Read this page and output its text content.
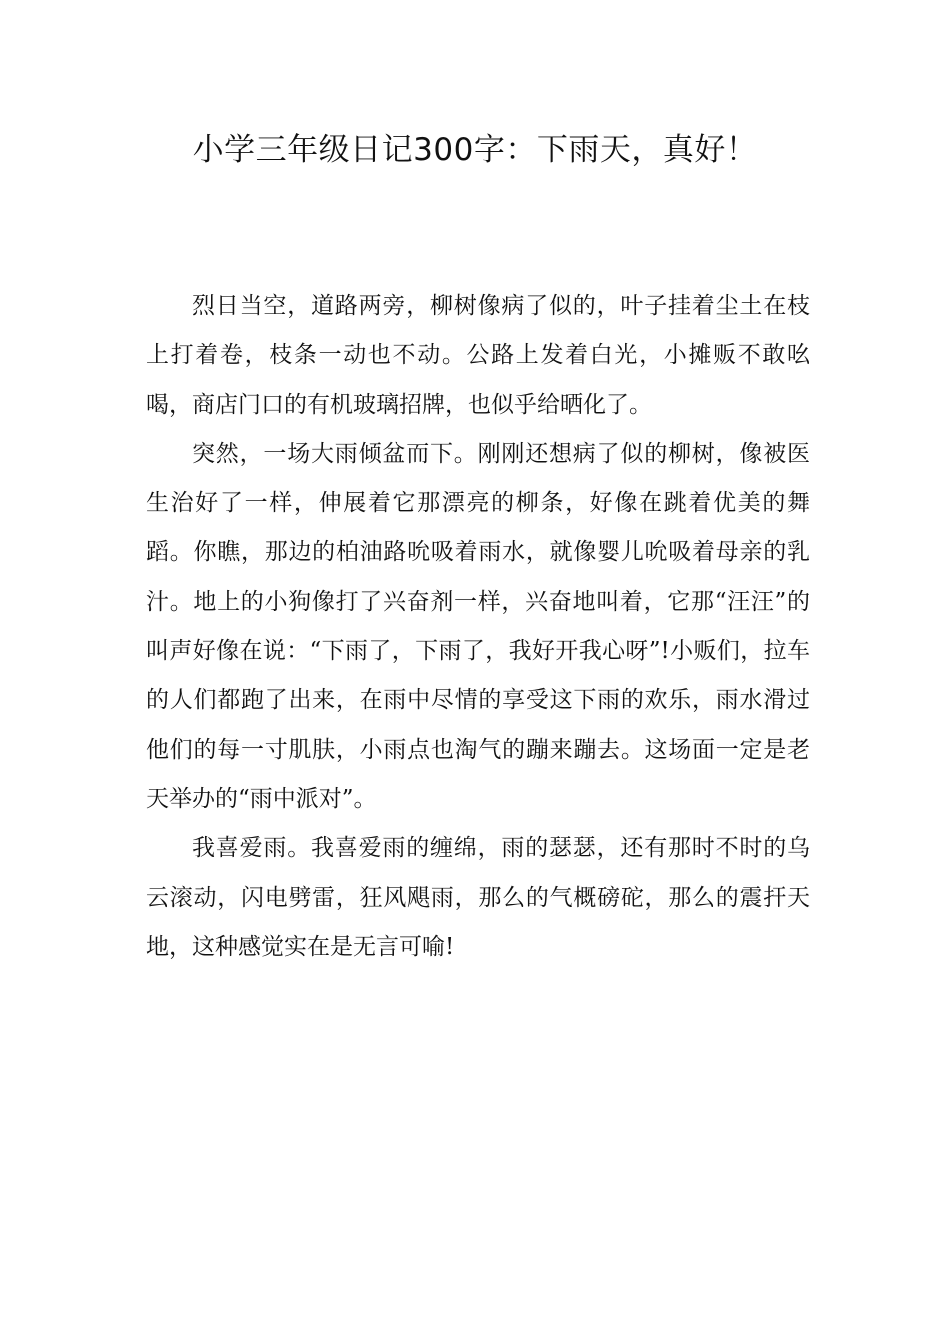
小学三年级日记300字：下雨天，真好！

烈日当空，道路两旁，柳树像病了似的，叶子挂着尘土在枝上打着卷，枝条一动也不动。公路上发着白光，小摊贩不敢吆喝，商店门口的有机玻璃招牌，也似乎给晒化了。

突然，一场大雨倾盆而下。刚刚还想病了似的柳树，像被医生治好了一样，伸展着它那漂亮的柳条，好像在跳着优美的舞蹈。你瞧，那边的柏油路吮吸着雨水，就像婴儿吮吸着母亲的乳汁。地上的小狗像打了兴奋剂一样，兴奋地叫着，它那“汪汪”的叫声好像在说：“下雨了，下雨了，我好开我心呀”!小贩们，拉车的人们都跑了出来，在雨中尽情的享受这下雨的欢乐，雨水滑过他们的每一寸肌肤，小雨点也淘气的蹦来蹦去。这场面一定是老天举办的“雨中派对”。

我喜爱雨。我喜爱雨的缠绵，雨的瑟瑟，还有那时不时的乌云滚动，闪电劈雷，狂风飓雨，那么的气概磅砣，那么的震扞天地，这种感觉实在是无言可喻!
